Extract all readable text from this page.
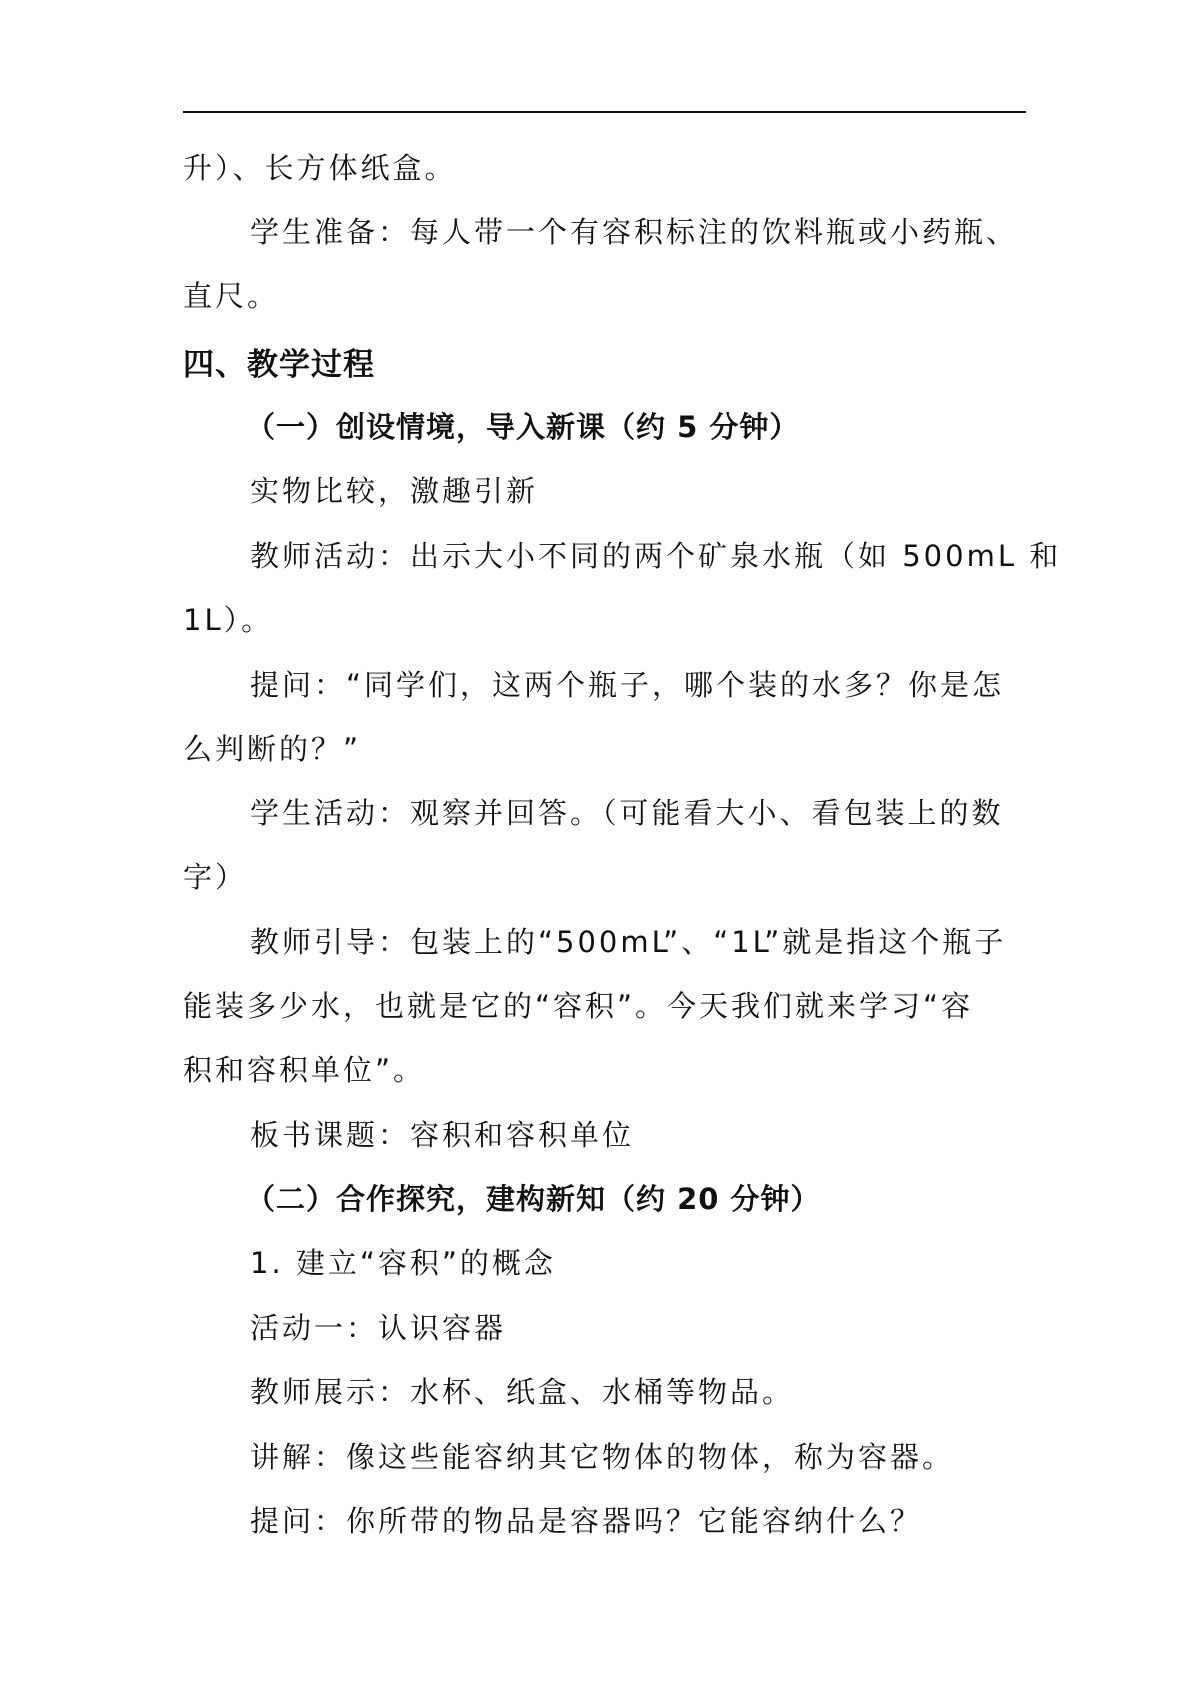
升）、长方体纸盒。
学生准备：每人带一个有容积标注的饮料瓶或小药瓶、
直尺。
四、教学过程
（一）创设情境，导入新课（约 5 分钟）
实物比较，激趣引新
教师活动：出示大小不同的两个矿泉水瓶（如 500mL 和
1L）。
提问：“同学们，这两个瓶子，哪个装的水多？你是怎
么判断的？”
学生活动：观察并回答。（可能看大小、看包装上的数
字）
教师引导：包装上的“500mL”、“1L”就是指这个瓶子
能装多少水，也就是它的“容积”。今天我们就来学习“容
积和容积单位”。
板书课题：容积和容积单位
（二）合作探究，建构新知（约 20 分钟）
1. 建立“容积”的概念
活动一：认识容器
教师展示：水杯、纸盒、水桶等物品。
讲解：像这些能容纳其它物体的物体，称为容器。
提问：你所带的物品是容器吗？它能容纳什么？
